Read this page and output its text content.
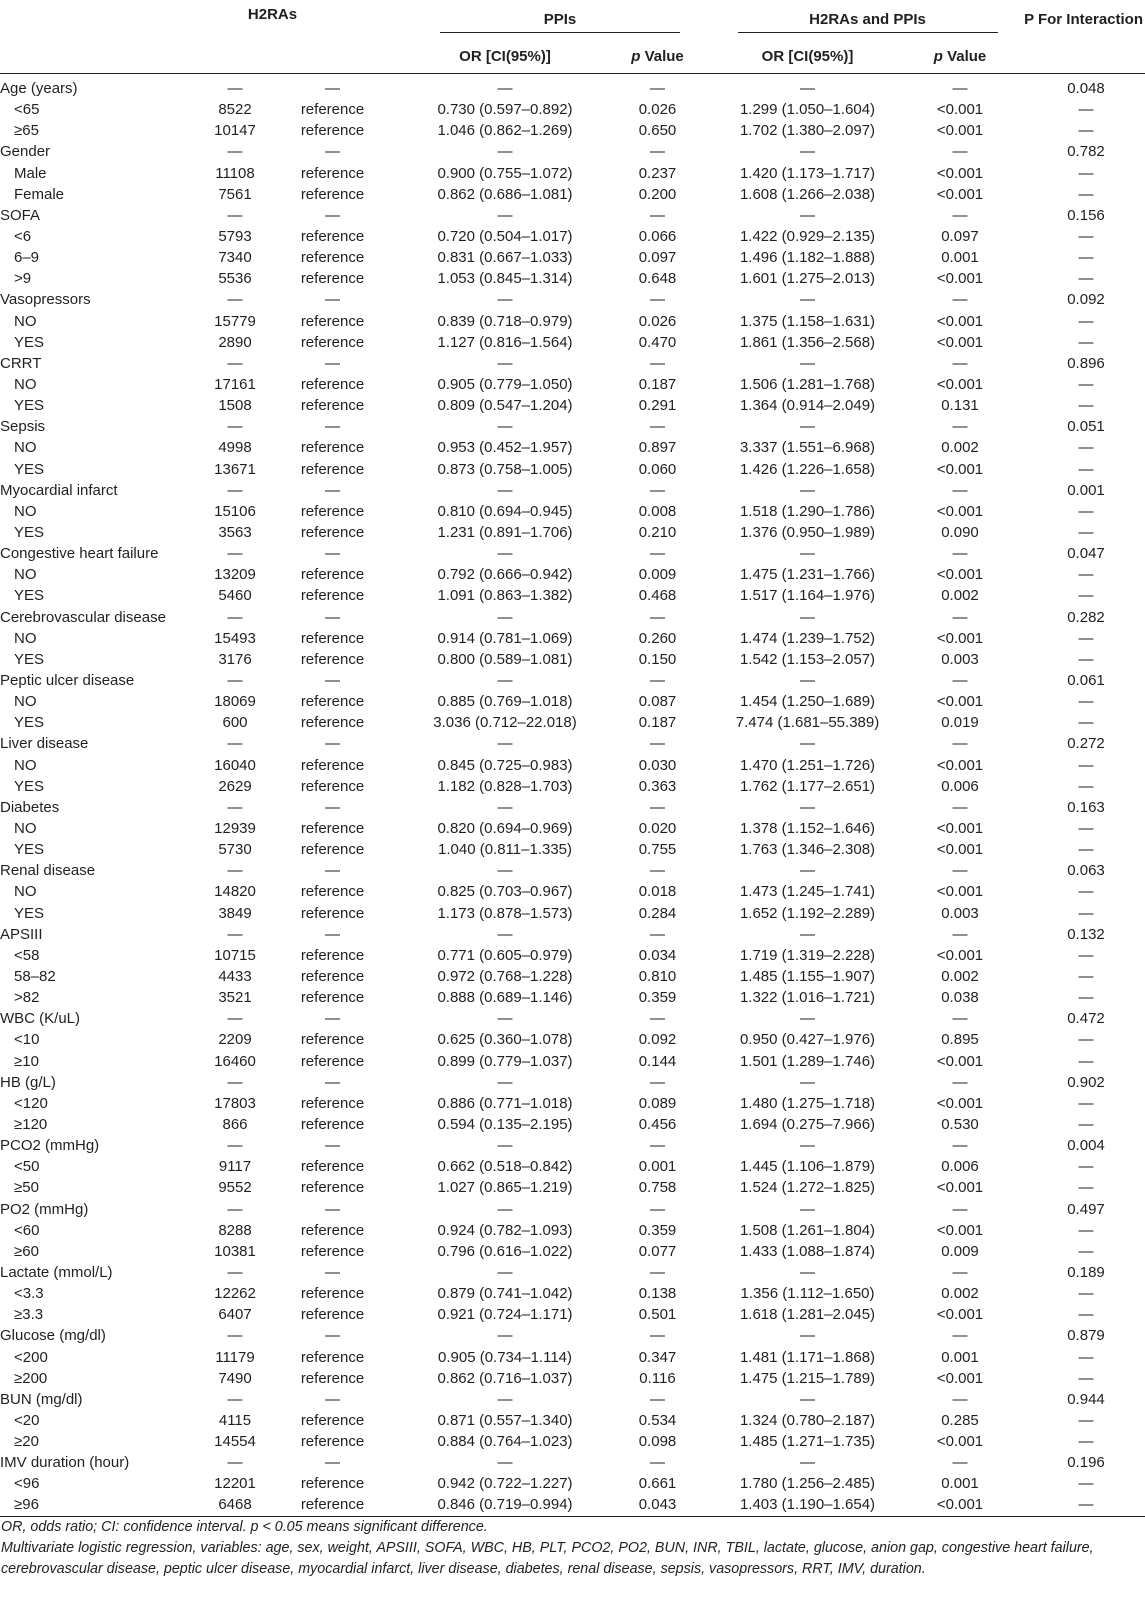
	H2RAs		PPIs		H2RAs and PPIs		P For Interaction
			OR [CI(95%)]	p Value	OR [CI(95%)]	p Value	
Age (years)	—	—	—	—	—	—	0.048
<65	8522	reference	0.730 (0.597–0.892)	0.026	1.299 (1.050–1.604)	<0.001	—
≥65	10147	reference	1.046 (0.862–1.269)	0.650	1.702 (1.380–2.097)	<0.001	—
Gender	—	—	—	—	—	—	0.782
Male	11108	reference	0.900 (0.755–1.072)	0.237	1.420 (1.173–1.717)	<0.001	—
Female	7561	reference	0.862 (0.686–1.081)	0.200	1.608 (1.266–2.038)	<0.001	—
SOFA	—	—	—	—	—	—	0.156
<6	5793	reference	0.720 (0.504–1.017)	0.066	1.422 (0.929–2.135)	0.097	—
6–9	7340	reference	0.831 (0.667–1.033)	0.097	1.496 (1.182–1.888)	0.001	—
>9	5536	reference	1.053 (0.845–1.314)	0.648	1.601 (1.275–2.013)	<0.001	—
Vasopressors	—	—	—	—	—	—	0.092
NO	15779	reference	0.839 (0.718–0.979)	0.026	1.375 (1.158–1.631)	<0.001	—
YES	2890	reference	1.127 (0.816–1.564)	0.470	1.861 (1.356–2.568)	<0.001	—
CRRT	—	—	—	—	—	—	0.896
NO	17161	reference	0.905 (0.779–1.050)	0.187	1.506 (1.281–1.768)	<0.001	—
YES	1508	reference	0.809 (0.547–1.204)	0.291	1.364 (0.914–2.049)	0.131	—
Sepsis	—	—	—	—	—	—	0.051
NO	4998	reference	0.953 (0.452–1.957)	0.897	3.337 (1.551–6.968)	0.002	—
YES	13671	reference	0.873 (0.758–1.005)	0.060	1.426 (1.226–1.658)	<0.001	—
Myocardial infarct	—	—	—	—	—	—	0.001
NO	15106	reference	0.810 (0.694–0.945)	0.008	1.518 (1.290–1.786)	<0.001	—
YES	3563	reference	1.231 (0.891–1.706)	0.210	1.376 (0.950–1.989)	0.090	—
Congestive heart failure	—	—	—	—	—	—	0.047
NO	13209	reference	0.792 (0.666–0.942)	0.009	1.475 (1.231–1.766)	<0.001	—
YES	5460	reference	1.091 (0.863–1.382)	0.468	1.517 (1.164–1.976)	0.002	—
Cerebrovascular disease	—	—	—	—	—	—	0.282
NO	15493	reference	0.914 (0.781–1.069)	0.260	1.474 (1.239–1.752)	<0.001	—
YES	3176	reference	0.800 (0.589–1.081)	0.150	1.542 (1.153–2.057)	0.003	—
Peptic ulcer disease	—	—	—	—	—	—	0.061
NO	18069	reference	0.885 (0.769–1.018)	0.087	1.454 (1.250–1.689)	<0.001	—
YES	600	reference	3.036 (0.712–22.018)	0.187	7.474 (1.681–55.389)	0.019	—
Liver disease	—	—	—	—	—	—	0.272
NO	16040	reference	0.845 (0.725–0.983)	0.030	1.470 (1.251–1.726)	<0.001	—
YES	2629	reference	1.182 (0.828–1.703)	0.363	1.762 (1.177–2.651)	0.006	—
Diabetes	—	—	—	—	—	—	0.163
NO	12939	reference	0.820 (0.694–0.969)	0.020	1.378 (1.152–1.646)	<0.001	—
YES	5730	reference	1.040 (0.811–1.335)	0.755	1.763 (1.346–2.308)	<0.001	—
Renal disease	—	—	—	—	—	—	0.063
NO	14820	reference	0.825 (0.703–0.967)	0.018	1.473 (1.245–1.741)	<0.001	—
YES	3849	reference	1.173 (0.878–1.573)	0.284	1.652 (1.192–2.289)	0.003	—
APSIII	—	—	—	—	—	—	0.132
<58	10715	reference	0.771 (0.605–0.979)	0.034	1.719 (1.319–2.228)	<0.001	—
58–82	4433	reference	0.972 (0.768–1.228)	0.810	1.485 (1.155–1.907)	0.002	—
>82	3521	reference	0.888 (0.689–1.146)	0.359	1.322 (1.016–1.721)	0.038	—
WBC (K/uL)	—	—	—	—	—	—	0.472
<10	2209	reference	0.625 (0.360–1.078)	0.092	0.950 (0.427–1.976)	0.895	—
≥10	16460	reference	0.899 (0.779–1.037)	0.144	1.501 (1.289–1.746)	<0.001	—
HB (g/L)	—	—	—	—	—	—	0.902
<120	17803	reference	0.886 (0.771–1.018)	0.089	1.480 (1.275–1.718)	<0.001	—
≥120	866	reference	0.594 (0.135–2.195)	0.456	1.694 (0.275–7.966)	0.530	—
PCO2 (mmHg)	—	—	—	—	—	—	0.004
<50	9117	reference	0.662 (0.518–0.842)	0.001	1.445 (1.106–1.879)	0.006	—
≥50	9552	reference	1.027 (0.865–1.219)	0.758	1.524 (1.272–1.825)	<0.001	—
PO2 (mmHg)	—	—	—	—	—	—	0.497
<60	8288	reference	0.924 (0.782–1.093)	0.359	1.508 (1.261–1.804)	<0.001	—
≥60	10381	reference	0.796 (0.616–1.022)	0.077	1.433 (1.088–1.874)	0.009	—
Lactate (mmol/L)	—	—	—	—	—	—	0.189
<3.3	12262	reference	0.879 (0.741–1.042)	0.138	1.356 (1.112–1.650)	0.002	—
≥3.3	6407	reference	0.921 (0.724–1.171)	0.501	1.618 (1.281–2.045)	<0.001	—
Glucose (mg/dl)	—	—	—	—	—	—	0.879
<200	11179	reference	0.905 (0.734–1.114)	0.347	1.481 (1.171–1.868)	0.001	—
≥200	7490	reference	0.862 (0.716–1.037)	0.116	1.475 (1.215–1.789)	<0.001	—
BUN (mg/dl)	—	—	—	—	—	—	0.944
<20	4115	reference	0.871 (0.557–1.340)	0.534	1.324 (0.780–2.187)	0.285	—
≥20	14554	reference	0.884 (0.764–1.023)	0.098	1.485 (1.271–1.735)	<0.001	—
IMV duration (hour)	—	—	—	—	—	—	0.196
<96	12201	reference	0.942 (0.722–1.227)	0.661	1.780 (1.256–2.485)	0.001	—
≥96	6468	reference	0.846 (0.719–0.994)	0.043	1.403 (1.190–1.654)	<0.001	—

OR, odds ratio; CI: confidence interval. p < 0.05 means significant difference.

Multivariate logistic regression, variables: age, sex, weight, APSIII, SOFA, WBC, HB, PLT, PCO2, PO2, BUN, INR, TBIL, lactate, glucose, anion gap, congestive heart failure, cerebrovascular disease, peptic ulcer disease, myocardial infarct, liver disease, diabetes, renal disease, sepsis, vasopressors, RRT, IMV, duration.
